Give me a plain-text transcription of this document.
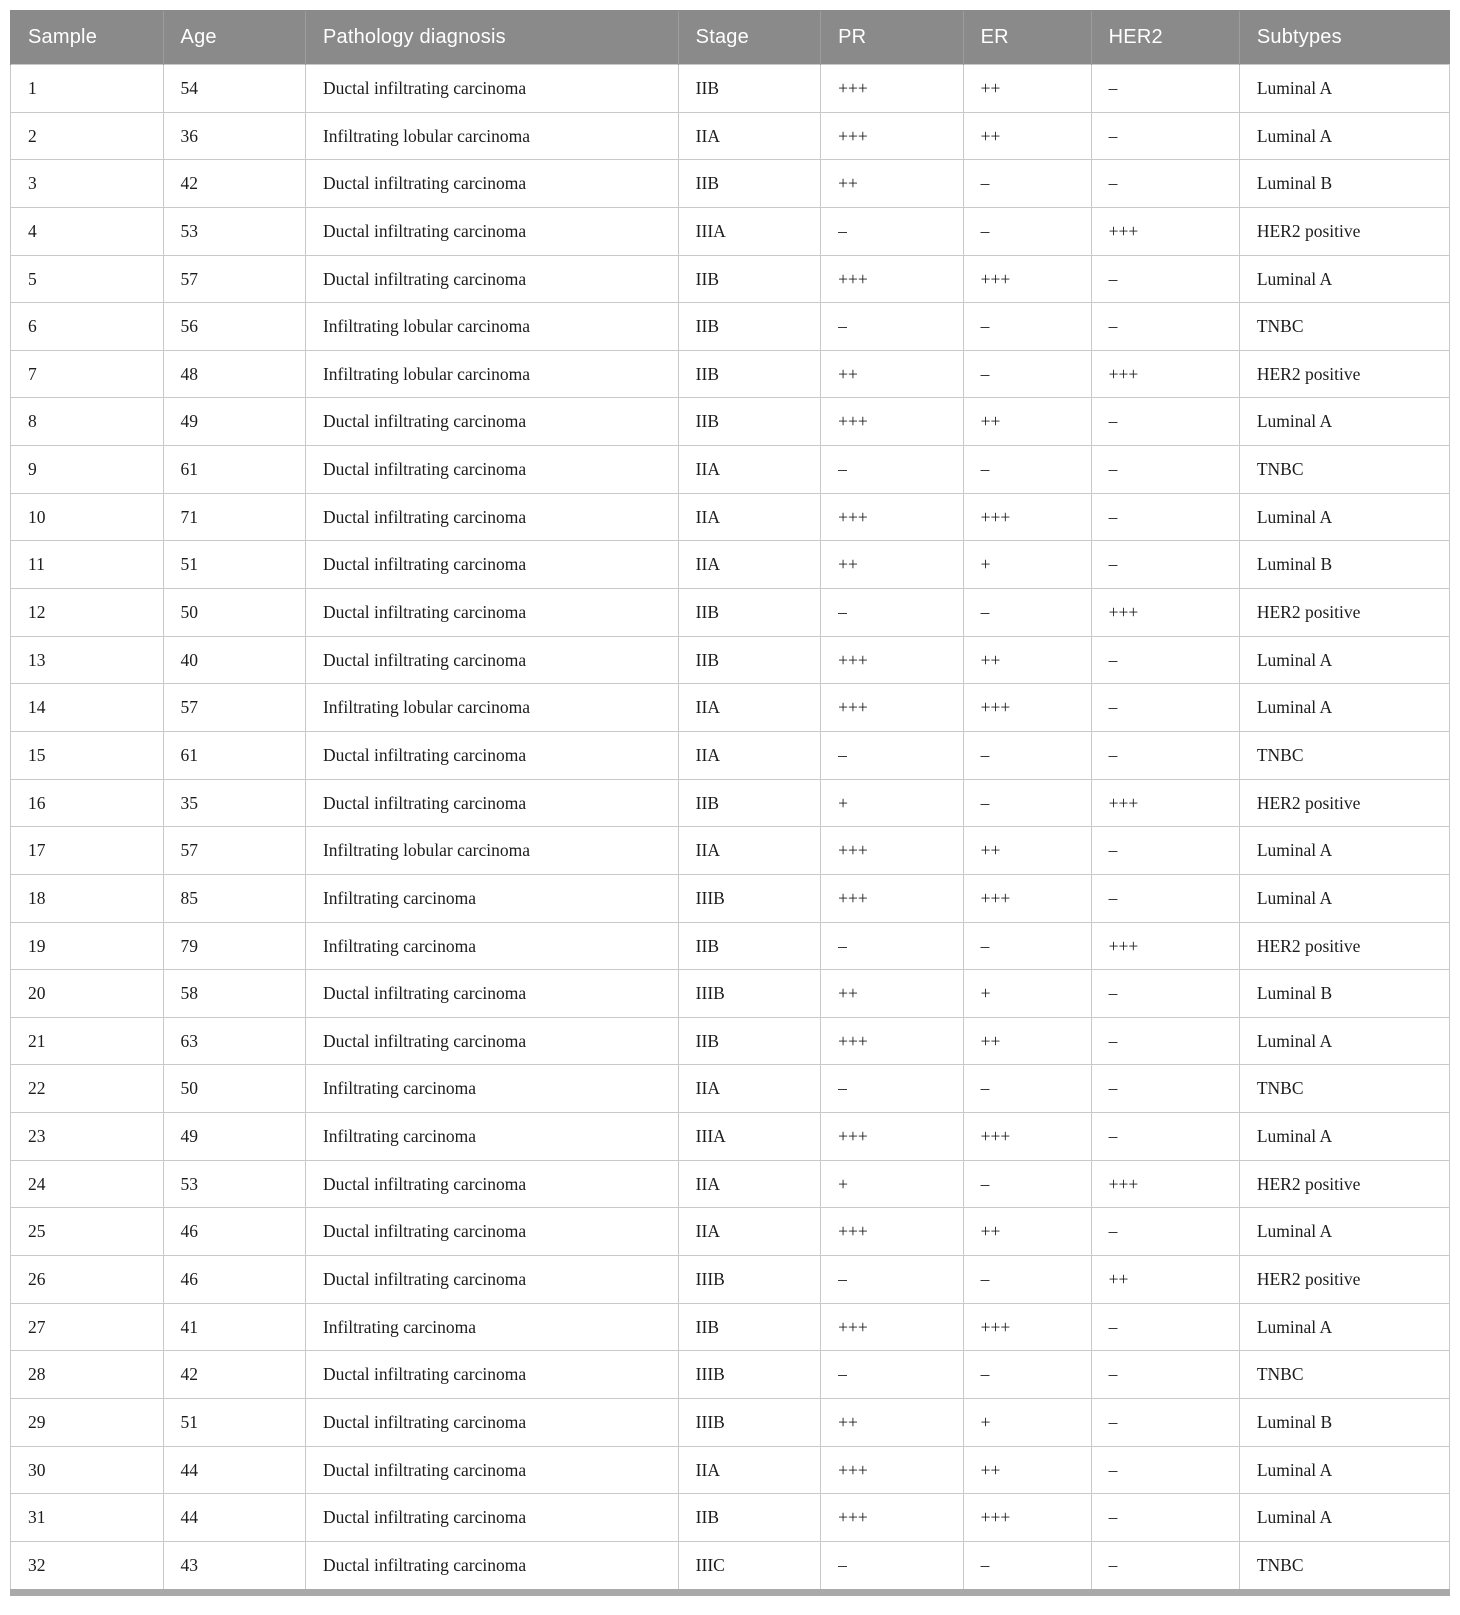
Sample	Age	Pathology diagnosis	Stage	PR	ER	HER2	Subtypes
1	54	Ductal infiltrating carcinoma	IIB	+++	++	–	Luminal A
2	36	Infiltrating lobular carcinoma	IIA	+++	++	–	Luminal A
3	42	Ductal infiltrating carcinoma	IIB	++	–	–	Luminal B
4	53	Ductal infiltrating carcinoma	IIIA	–	–	+++	HER2 positive
5	57	Ductal infiltrating carcinoma	IIB	+++	+++	–	Luminal A
6	56	Infiltrating lobular carcinoma	IIB	–	–	–	TNBC
7	48	Infiltrating lobular carcinoma	IIB	++	–	+++	HER2 positive
8	49	Ductal infiltrating carcinoma	IIB	+++	++	–	Luminal A
9	61	Ductal infiltrating carcinoma	IIA	–	–	–	TNBC
10	71	Ductal infiltrating carcinoma	IIA	+++	+++	–	Luminal A
11	51	Ductal infiltrating carcinoma	IIA	++	+	–	Luminal B
12	50	Ductal infiltrating carcinoma	IIB	–	–	+++	HER2 positive
13	40	Ductal infiltrating carcinoma	IIB	+++	++	–	Luminal A
14	57	Infiltrating lobular carcinoma	IIA	+++	+++	–	Luminal A
15	61	Ductal infiltrating carcinoma	IIA	–	–	–	TNBC
16	35	Ductal infiltrating carcinoma	IIB	+	–	+++	HER2 positive
17	57	Infiltrating lobular carcinoma	IIA	+++	++	–	Luminal A
18	85	Infiltrating carcinoma	IIIB	+++	+++	–	Luminal A
19	79	Infiltrating carcinoma	IIB	–	–	+++	HER2 positive
20	58	Ductal infiltrating carcinoma	IIIB	++	+	–	Luminal B
21	63	Ductal infiltrating carcinoma	IIB	+++	++	–	Luminal A
22	50	Infiltrating carcinoma	IIA	–	–	–	TNBC
23	49	Infiltrating carcinoma	IIIA	+++	+++	–	Luminal A
24	53	Ductal infiltrating carcinoma	IIA	+	–	+++	HER2 positive
25	46	Ductal infiltrating carcinoma	IIA	+++	++	–	Luminal A
26	46	Ductal infiltrating carcinoma	IIIB	–	–	++	HER2 positive
27	41	Infiltrating carcinoma	IIB	+++	+++	–	Luminal A
28	42	Ductal infiltrating carcinoma	IIIB	–	–	–	TNBC
29	51	Ductal infiltrating carcinoma	IIIB	++	+	–	Luminal B
30	44	Ductal infiltrating carcinoma	IIA	+++	++	–	Luminal A
31	44	Ductal infiltrating carcinoma	IIB	+++	+++	–	Luminal A
32	43	Ductal infiltrating carcinoma	IIIC	–	–	–	TNBC
